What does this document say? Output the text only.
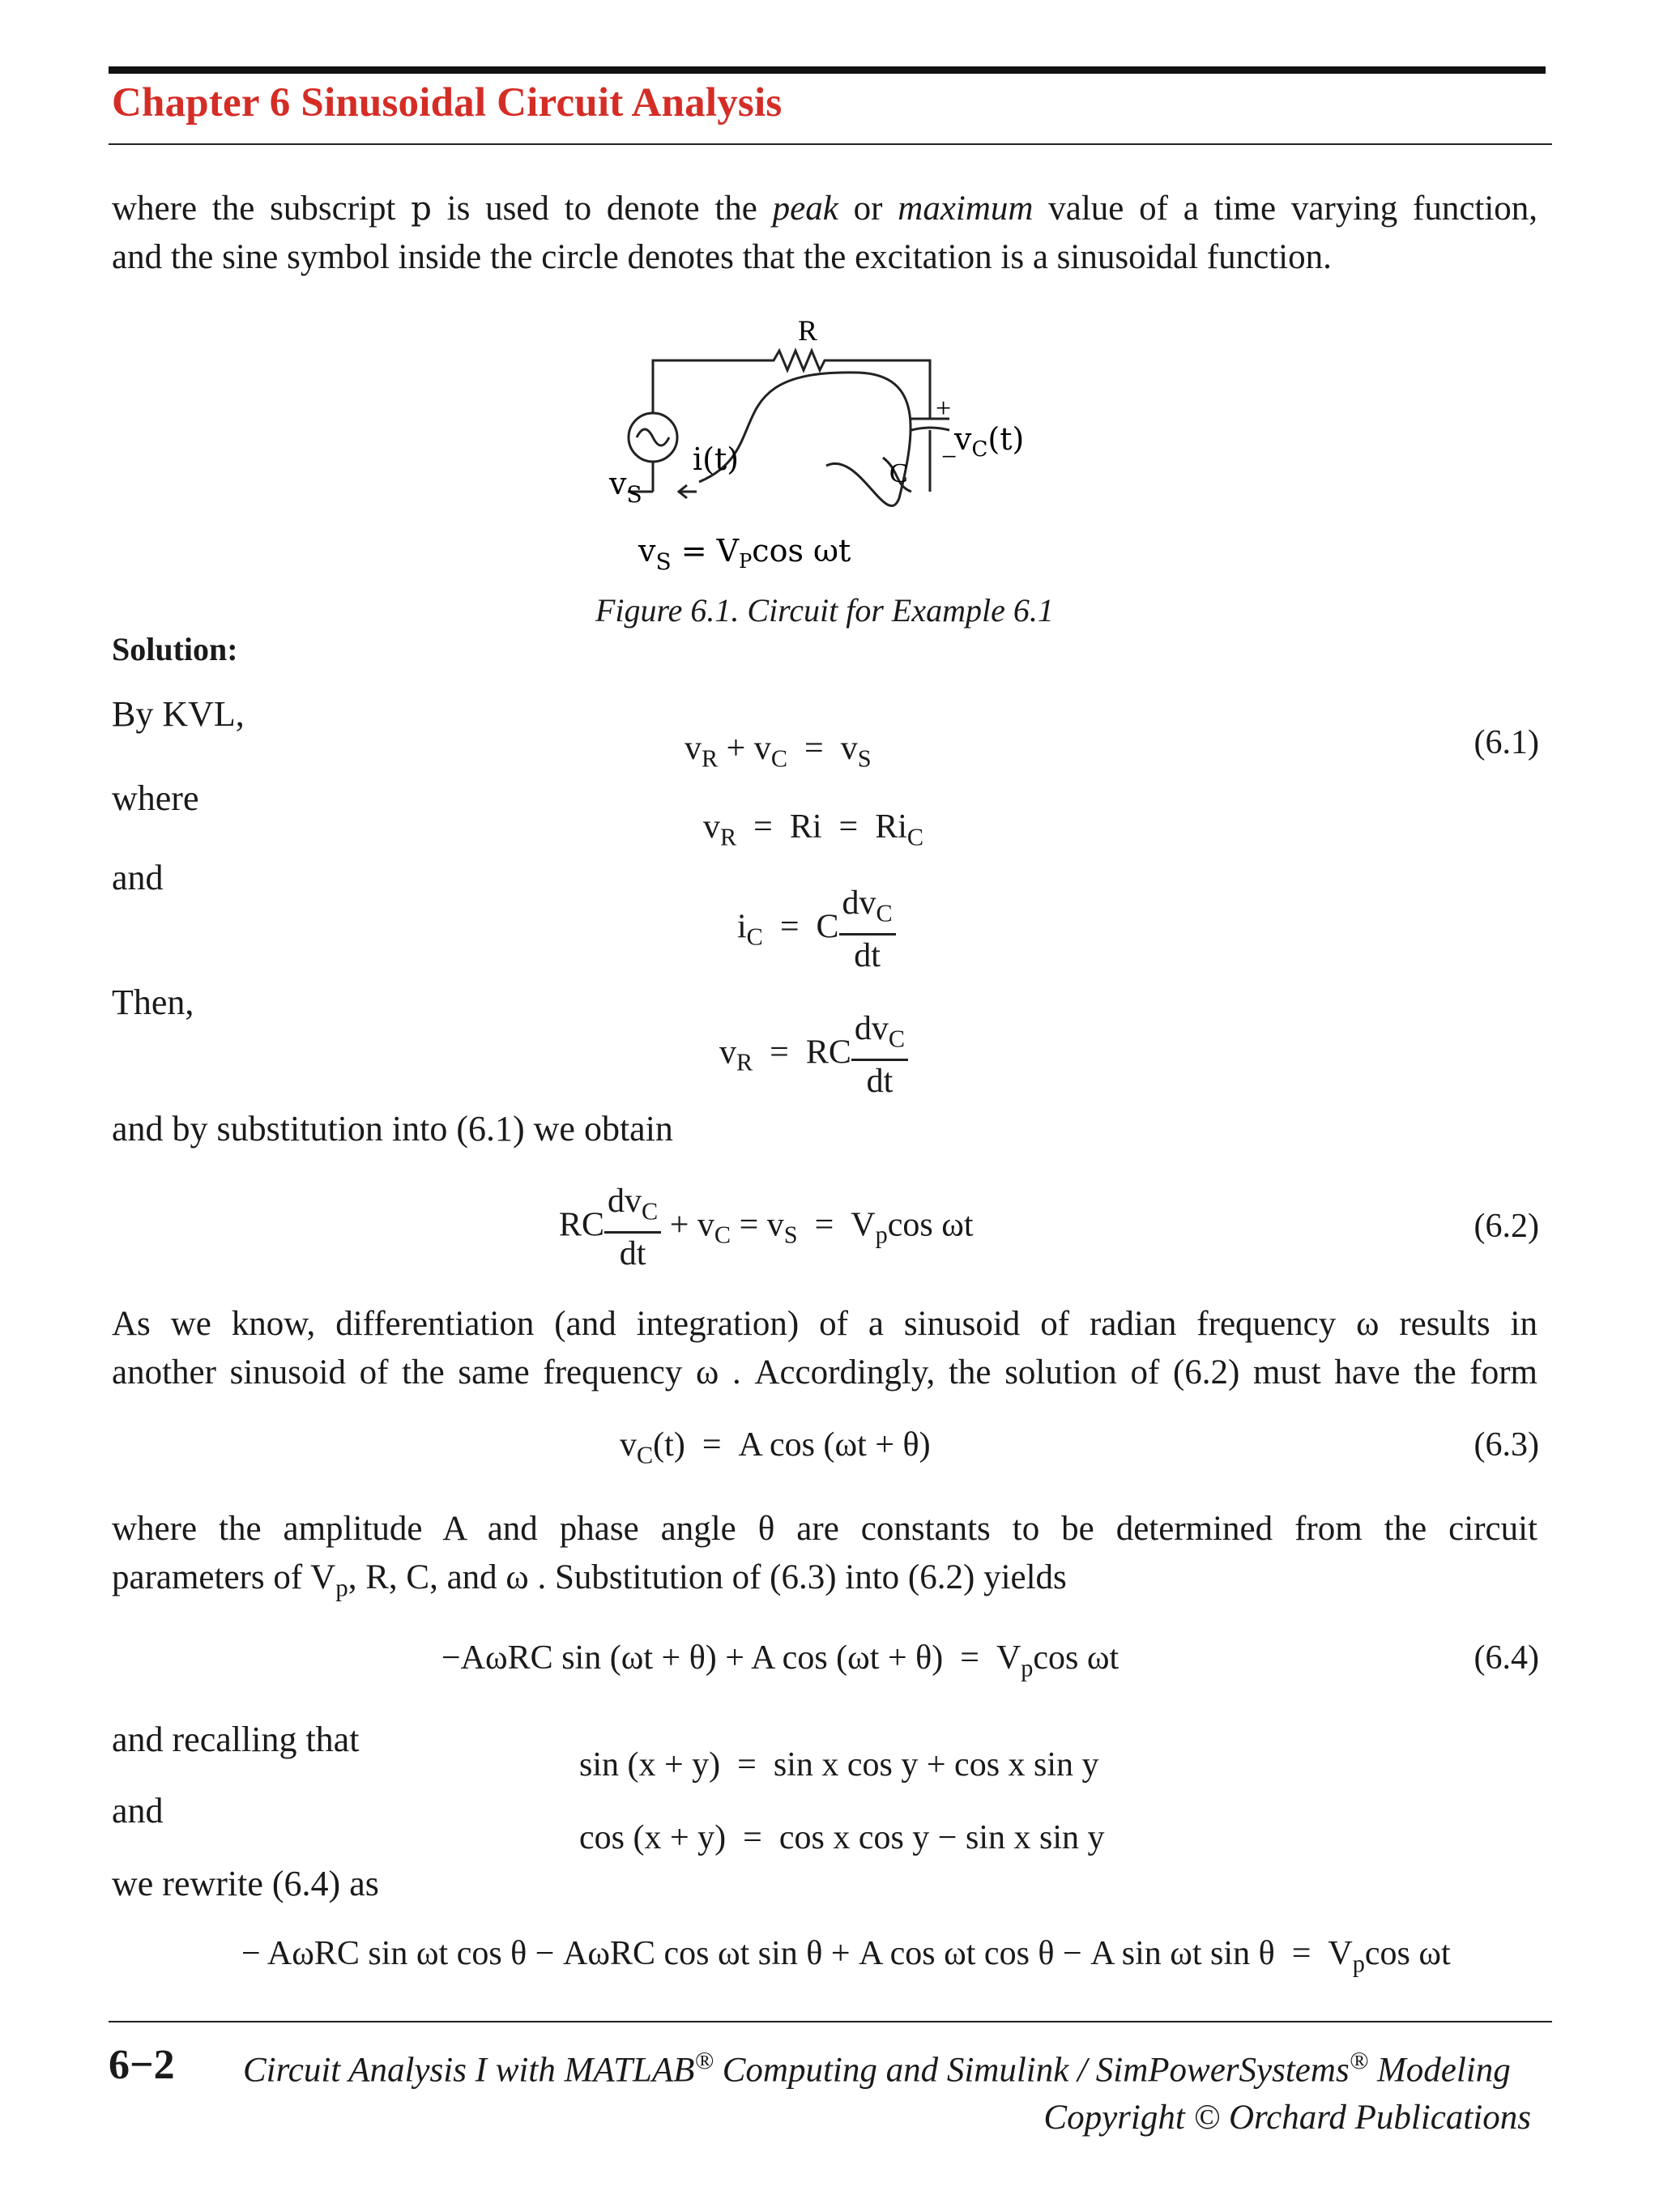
Chapter 6 Sinusoidal Circuit Analysis
where the subscript p is used to denote the peak or maximum value of a time varying function,
and the sine symbol inside the circle denotes that the excitation is a sinusoidal function.
R
+
−
$v_C(t)$
C
i(t)
$v_S$
$v_S = V_P\cos$ ωt
Figure 6.1. Circuit for Example 6.1
Solution:
By KVL,
$v_R + v_C = v_S$	(6.1)
where
$v_R = Ri = Ri_C$
and
$i_C = C \frac{dv_C}{dt}$
Then,
$v_R$  =  RC $\frac{dv_C}{dt}$
and by substitution into (6.1) we obtain
RC $\frac{dv_C}{dt} + v_C = v_S = V_p\cos$ ωt	(6.2)
As we know, differentiation (and integration) of a sinusoid of radian frequency ω results in
another sinusoid of the same frequency ω . Accordingly, the solution of (6.2) must have the form
$v_C(t) = A$ cos (ωt + θ)	(6.3)
where the amplitude A and phase angle θ are constants to be determined from the circuit
parameters of $V_p$, R, C, and ω . Substitution of (6.3) into (6.2) yields
−AωRC sin (ωt + θ) + A $\cos (\omega t + \theta) = V_p\cos$ ωt	(6.4)
and recalling that
sin (x + y)  =  sin x cos y + cos x sin y
and
cos (x + y)  =  cos x cos y − sin x sin y
we rewrite (6.4) as
− AωRC sin ωt cos θ − AωRC cos ωt sin θ + A cos ωt cos θ − A sin ωt $\sin \theta = V_p\cos$ ωt
6−2 Circuit Analysis I with MATLAB® Computing and Simulink / SimPowerSystems® Modeling
Copyright © Orchard Publications
